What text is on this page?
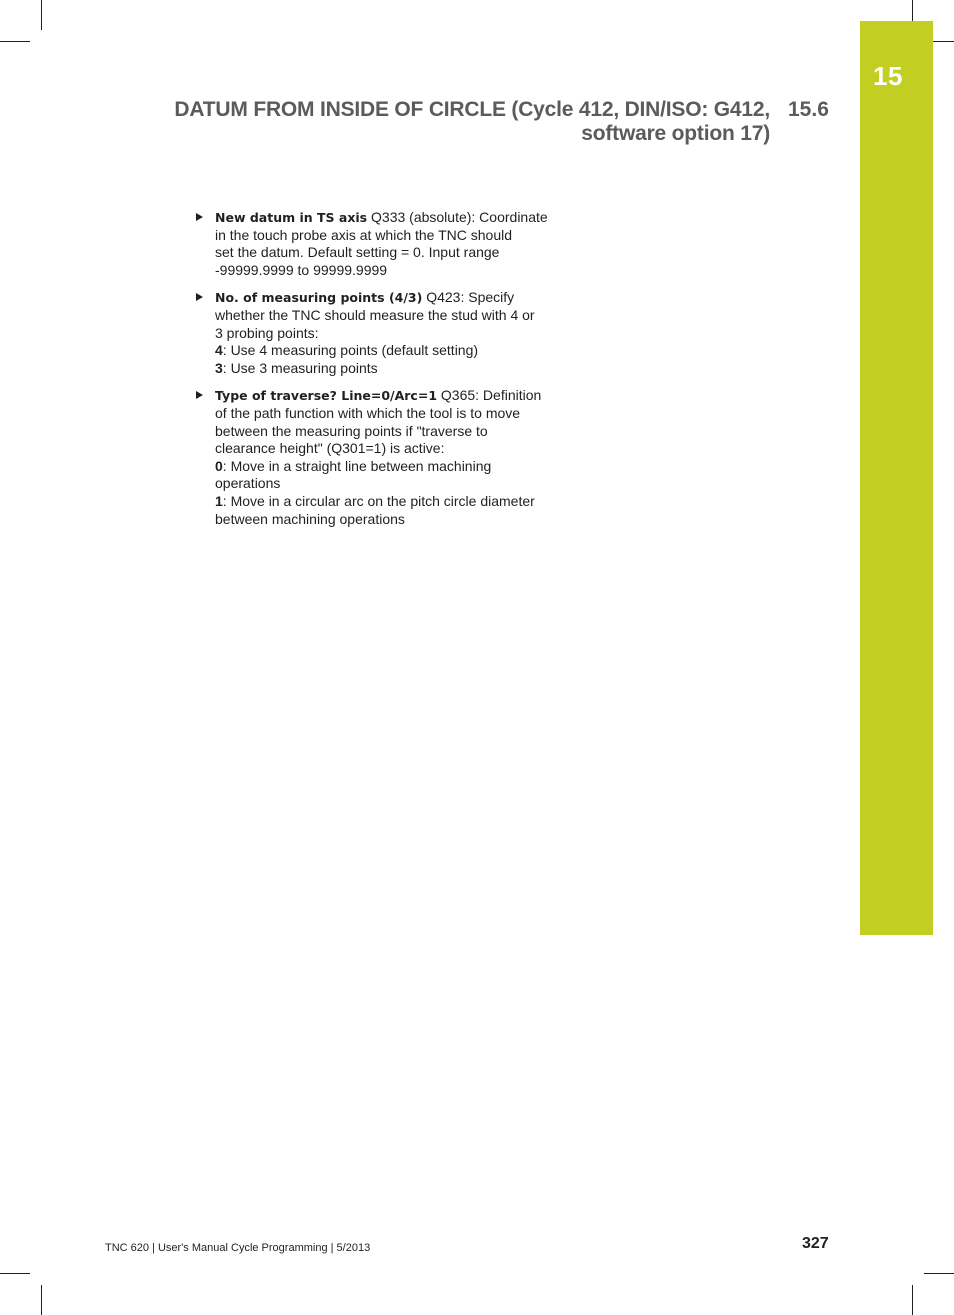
15
DATUM FROM INSIDE OF CIRCLE (Cycle 412, DIN/ISO: G412,
software option 17)
15.6
New datum in TS axis Q333 (absolute): Coordinate
in the touch probe axis at which the TNC should
set the datum. Default setting = 0. Input range
-99999.9999 to 99999.9999
No. of measuring points (4/3) Q423: Specify
whether the TNC should measure the stud with 4 or
3 probing points:
4: Use 4 measuring points (default setting)
3: Use 3 measuring points
Type of traverse? Line=0/Arc=1 Q365: Definition
of the path function with which the tool is to move
between the measuring points if "traverse to
clearance height" (Q301=1) is active:
0: Move in a straight line between machining
operations
1: Move in a circular arc on the pitch circle diameter
between machining operations
TNC 620 | User's Manual Cycle Programming | 5/2013	327
